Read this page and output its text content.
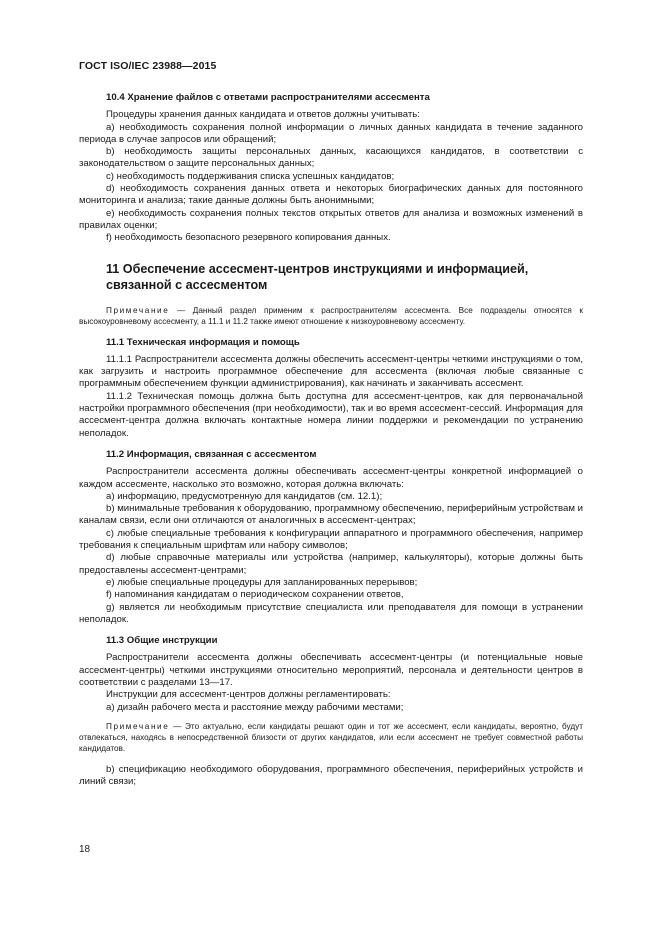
ГОСТ ISO/IEC 23988—2015
10.4 Хранение файлов с ответами распространителями ассесмента

Процедуры хранения данных кандидата и ответов должны учитывать:

а) необходимость сохранения полной информации о личных данных кандидата в течение заданного периода в случае запросов или обращений;

b) необходимость защиты персональных данных, касающихся кандидатов, в соответствии с законодательством о защите персональных данных;

с) необходимость поддерживания списка успешных кандидатов;

d) необходимость сохранения данных ответа и некоторых биографических данных для постоянного мониторинга и анализа; такие данные должны быть анонимными;

e) необходимость сохранения полных текстов открытых ответов для анализа и возможных изменений в правилах оценки;

f) необходимость безопасного резервного копирования данных.

11 Обеспечение ассесмент-центров инструкциями и информацией,
связанной с ассесментом

Примечание — Данный раздел применим к распространителям ассесмента. Все подразделы относятся к высокоуровневому ассесменту, а 11.1 и 11.2 также имеют отношение к низкоуровневому ассесменту.

11.1 Техническая информация и помощь

11.1.1 Распространители ассесмента должны обеспечить ассесмент-центры четкими инструкциями о том, как загрузить и настроить программное обеспечение для ассесмента (включая любые связанные с программным обеспечением функции администрирования), как начинать и заканчивать ассесмент.

11.1.2 Техническая помощь должна быть доступна для ассесмент-центров, как для первоначальной настройки программного обеспечения (при необходимости), так и во время ассесмент-сессий. Информация для ассесмент-центра должна включать контактные номера линии поддержки и рекомендации по устранению неполадок.

11.2 Информация, связанная с ассесментом

Распространители ассесмента должны обеспечивать ассесмент-центры конкретной информацией о каждом ассесменте, насколько это возможно, которая должна включать:

а) информацию, предусмотренную для кандидатов (см. 12.1);

b) минимальные требования к оборудованию, программному обеспечению, периферийным устройствам и каналам связи, если они отличаются от аналогичных в ассесмент-центрах;

с) любые специальные требования к конфигурации аппаратного и программного обеспечения, например требования к специальным шрифтам или набору символов;

d) любые справочные материалы или устройства (например, калькуляторы), которые должны быть предоставлены ассесмент-центрами;

e) любые специальные процедуры для запланированных перерывов;

f) напоминания кандидатам о периодическом сохранении ответов,

g) является ли необходимым присутствие специалиста или преподавателя для помощи в устранении неполадок.

11.3 Общие инструкции

Распространители ассесмента должны обеспечивать ассесмент-центры (и потенциальные новые ассесмент-центры) четкими инструкциями относительно мероприятий, персонала и деятельности центров в соответствии с разделами 13—17.

Инструкции для ассесмент-центров должны регламентировать:

а) дизайн рабочего места и расстояние между рабочими местами;

Примечание — Это актуально, если кандидаты решают один и тот же ассесмент, если кандидаты, вероятно, будут отвлекаться, находясь в непосредственной близости от других кандидатов, или если ассесмент не требует совместной работы кандидатов.

b) спецификацию необходимого оборудования, программного обеспечения, периферийных устройств и линий связи;

18
